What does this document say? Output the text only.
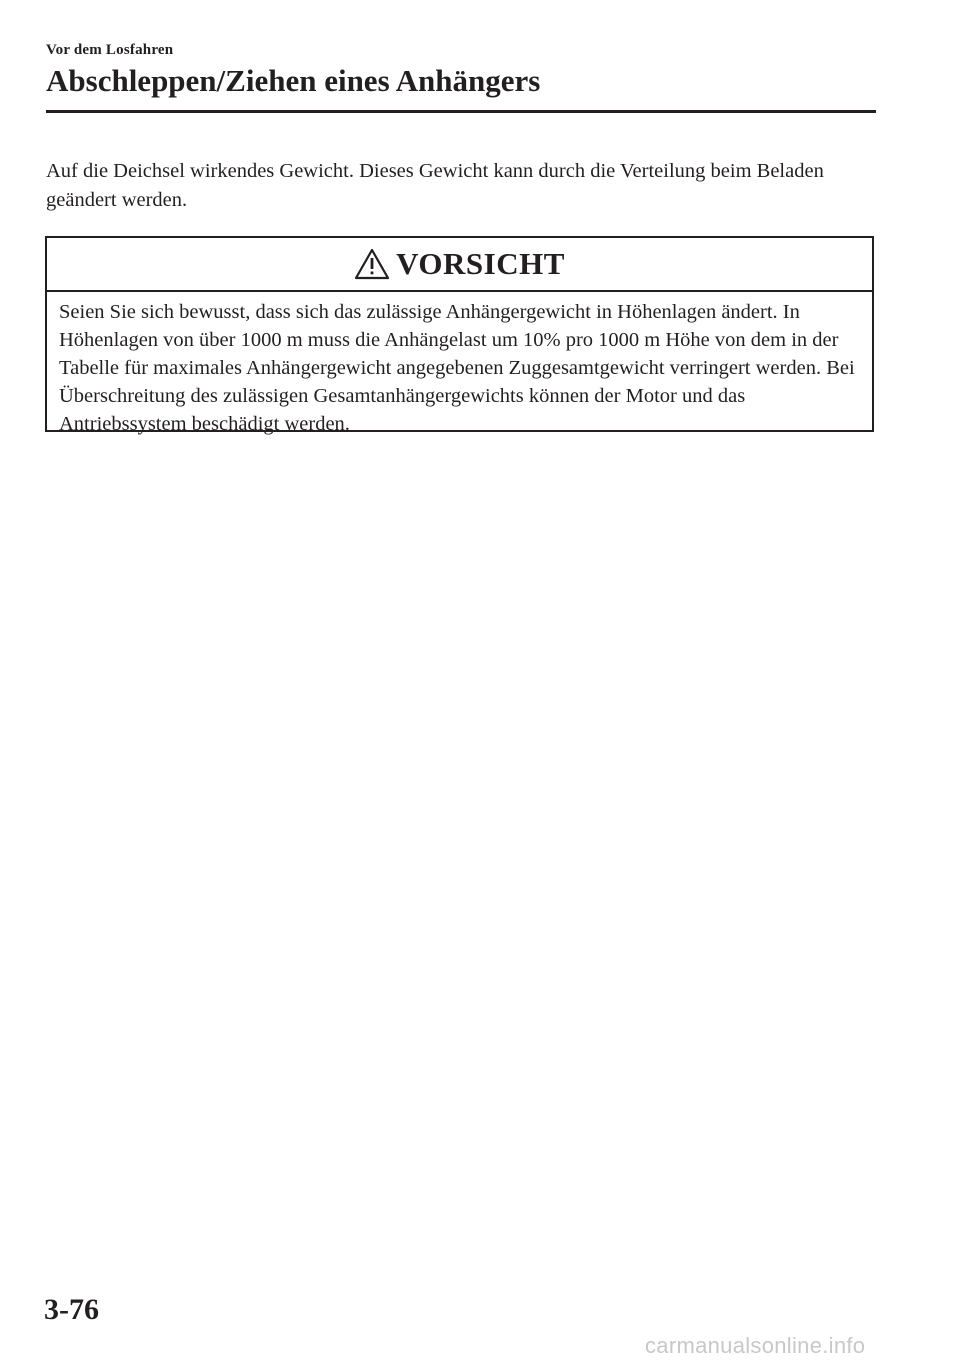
Vor dem Losfahren
Abschleppen/Ziehen eines Anhängers

Auf die Deichsel wirkendes Gewicht. Dieses Gewicht kann durch die Verteilung beim Beladen geändert werden.

VORSICHT

Seien Sie sich bewusst, dass sich das zulässige Anhängergewicht in Höhenlagen ändert. In Höhenlagen von über 1000 m muss die Anhängelast um 10% pro 1000 m Höhe von dem in der Tabelle für maximales Anhängergewicht angegebenen Zuggesamtgewicht verringert werden. Bei Überschreitung des zulässigen Gesamtanhängergewichts können der Motor und das Antriebssystem beschädigt werden.

3-76
carmanualsonline.info
